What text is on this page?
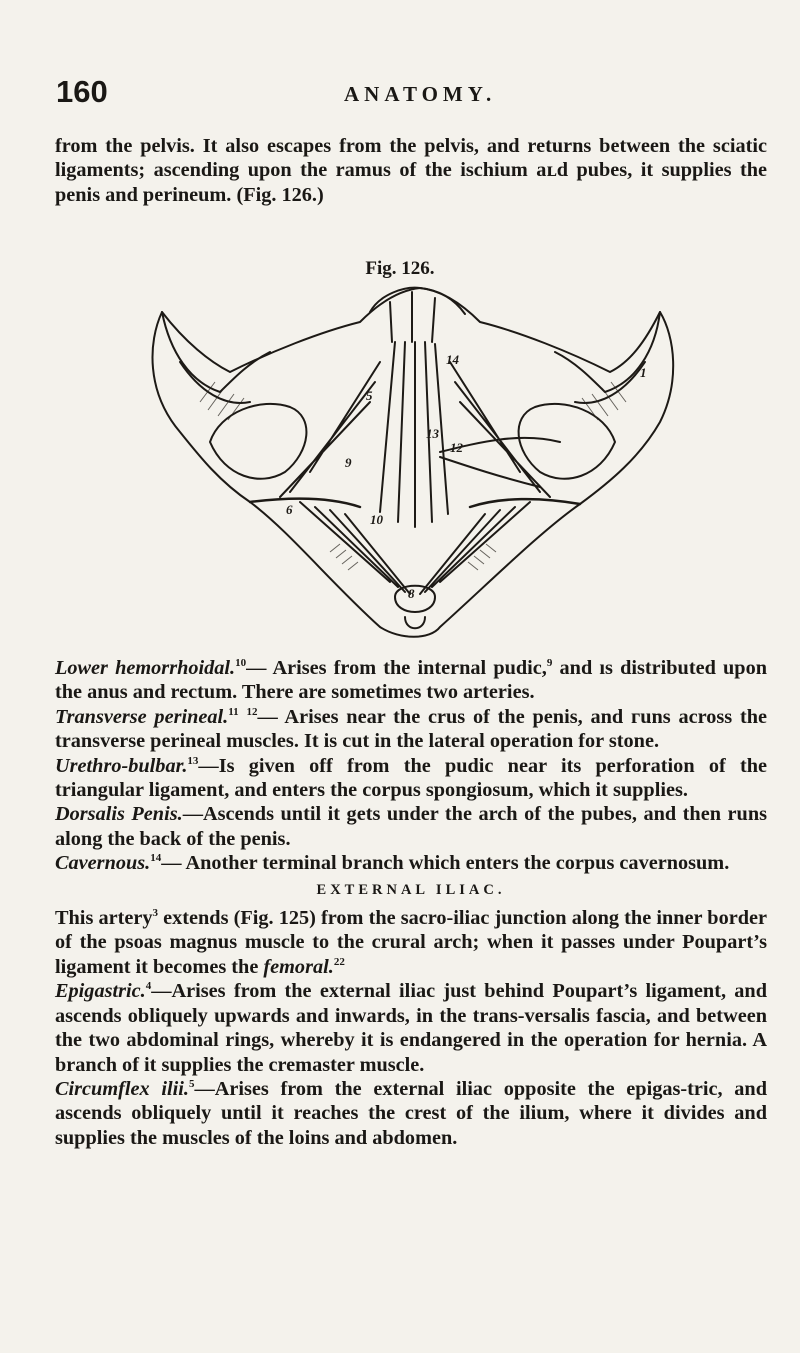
160	ANATOMY.

from the pelvis. It also escapes from the pelvis, and returns between the sciatic ligaments; ascending upon the ramus of the ischium aʟd pubes, it supplies the penis and perineum. (Fig. 126.)

Fig. 126.
1
5
6
9
10
12
13
14
8

Lower hemorrhoidal.$^{10}$— Arises from the internal pudic,$^9$ and ıs distributed upon the anus and rectum. There are sometimes two arteries.

Transverse perineal.$^{11}$ $^{12}$— Arises near the crus of the penis, and гuns across the transverse perineal muscles. It is cut in the lateral operation for stone.

Urethro-bulbar.$^{13}$—Is given off from the pudic near its perforation of the triangular ligament, and enters the corpus spongiosum, which it supplies.

Dorsalis Penis.—Ascends until it gets under the arch of the pubes, and then runs along the back of the penis.

Cavernous.$^{14}$— Another terminal branch which enters the corpus cavernosum.

EXTERNAL ILIAC.

This artery$^3$ extends (Fig. 125) from the sacro-iliac junction along the inner border of the psoas magnus muscle to the crural arch; when it passes under Poupart’s ligament it becomes the femoral.$^{22}$

Epigastric.$^4$—Arises from the external iliac just behind Poupart’s ligament, and ascends obliquely upwards and inwards, in the trans-versalis fascia, and between the two abdominal rings, whereby it is endangered in the operation for hernia. A branch of it supplies the cremaster muscle.

Circumflex ilii.$^5$—Arises from the external iliac opposite the epigas-tric, and ascends obliquely until it reaches the crest of the ilium, where it divides and supplies the muscles of the loins and abdomen.
